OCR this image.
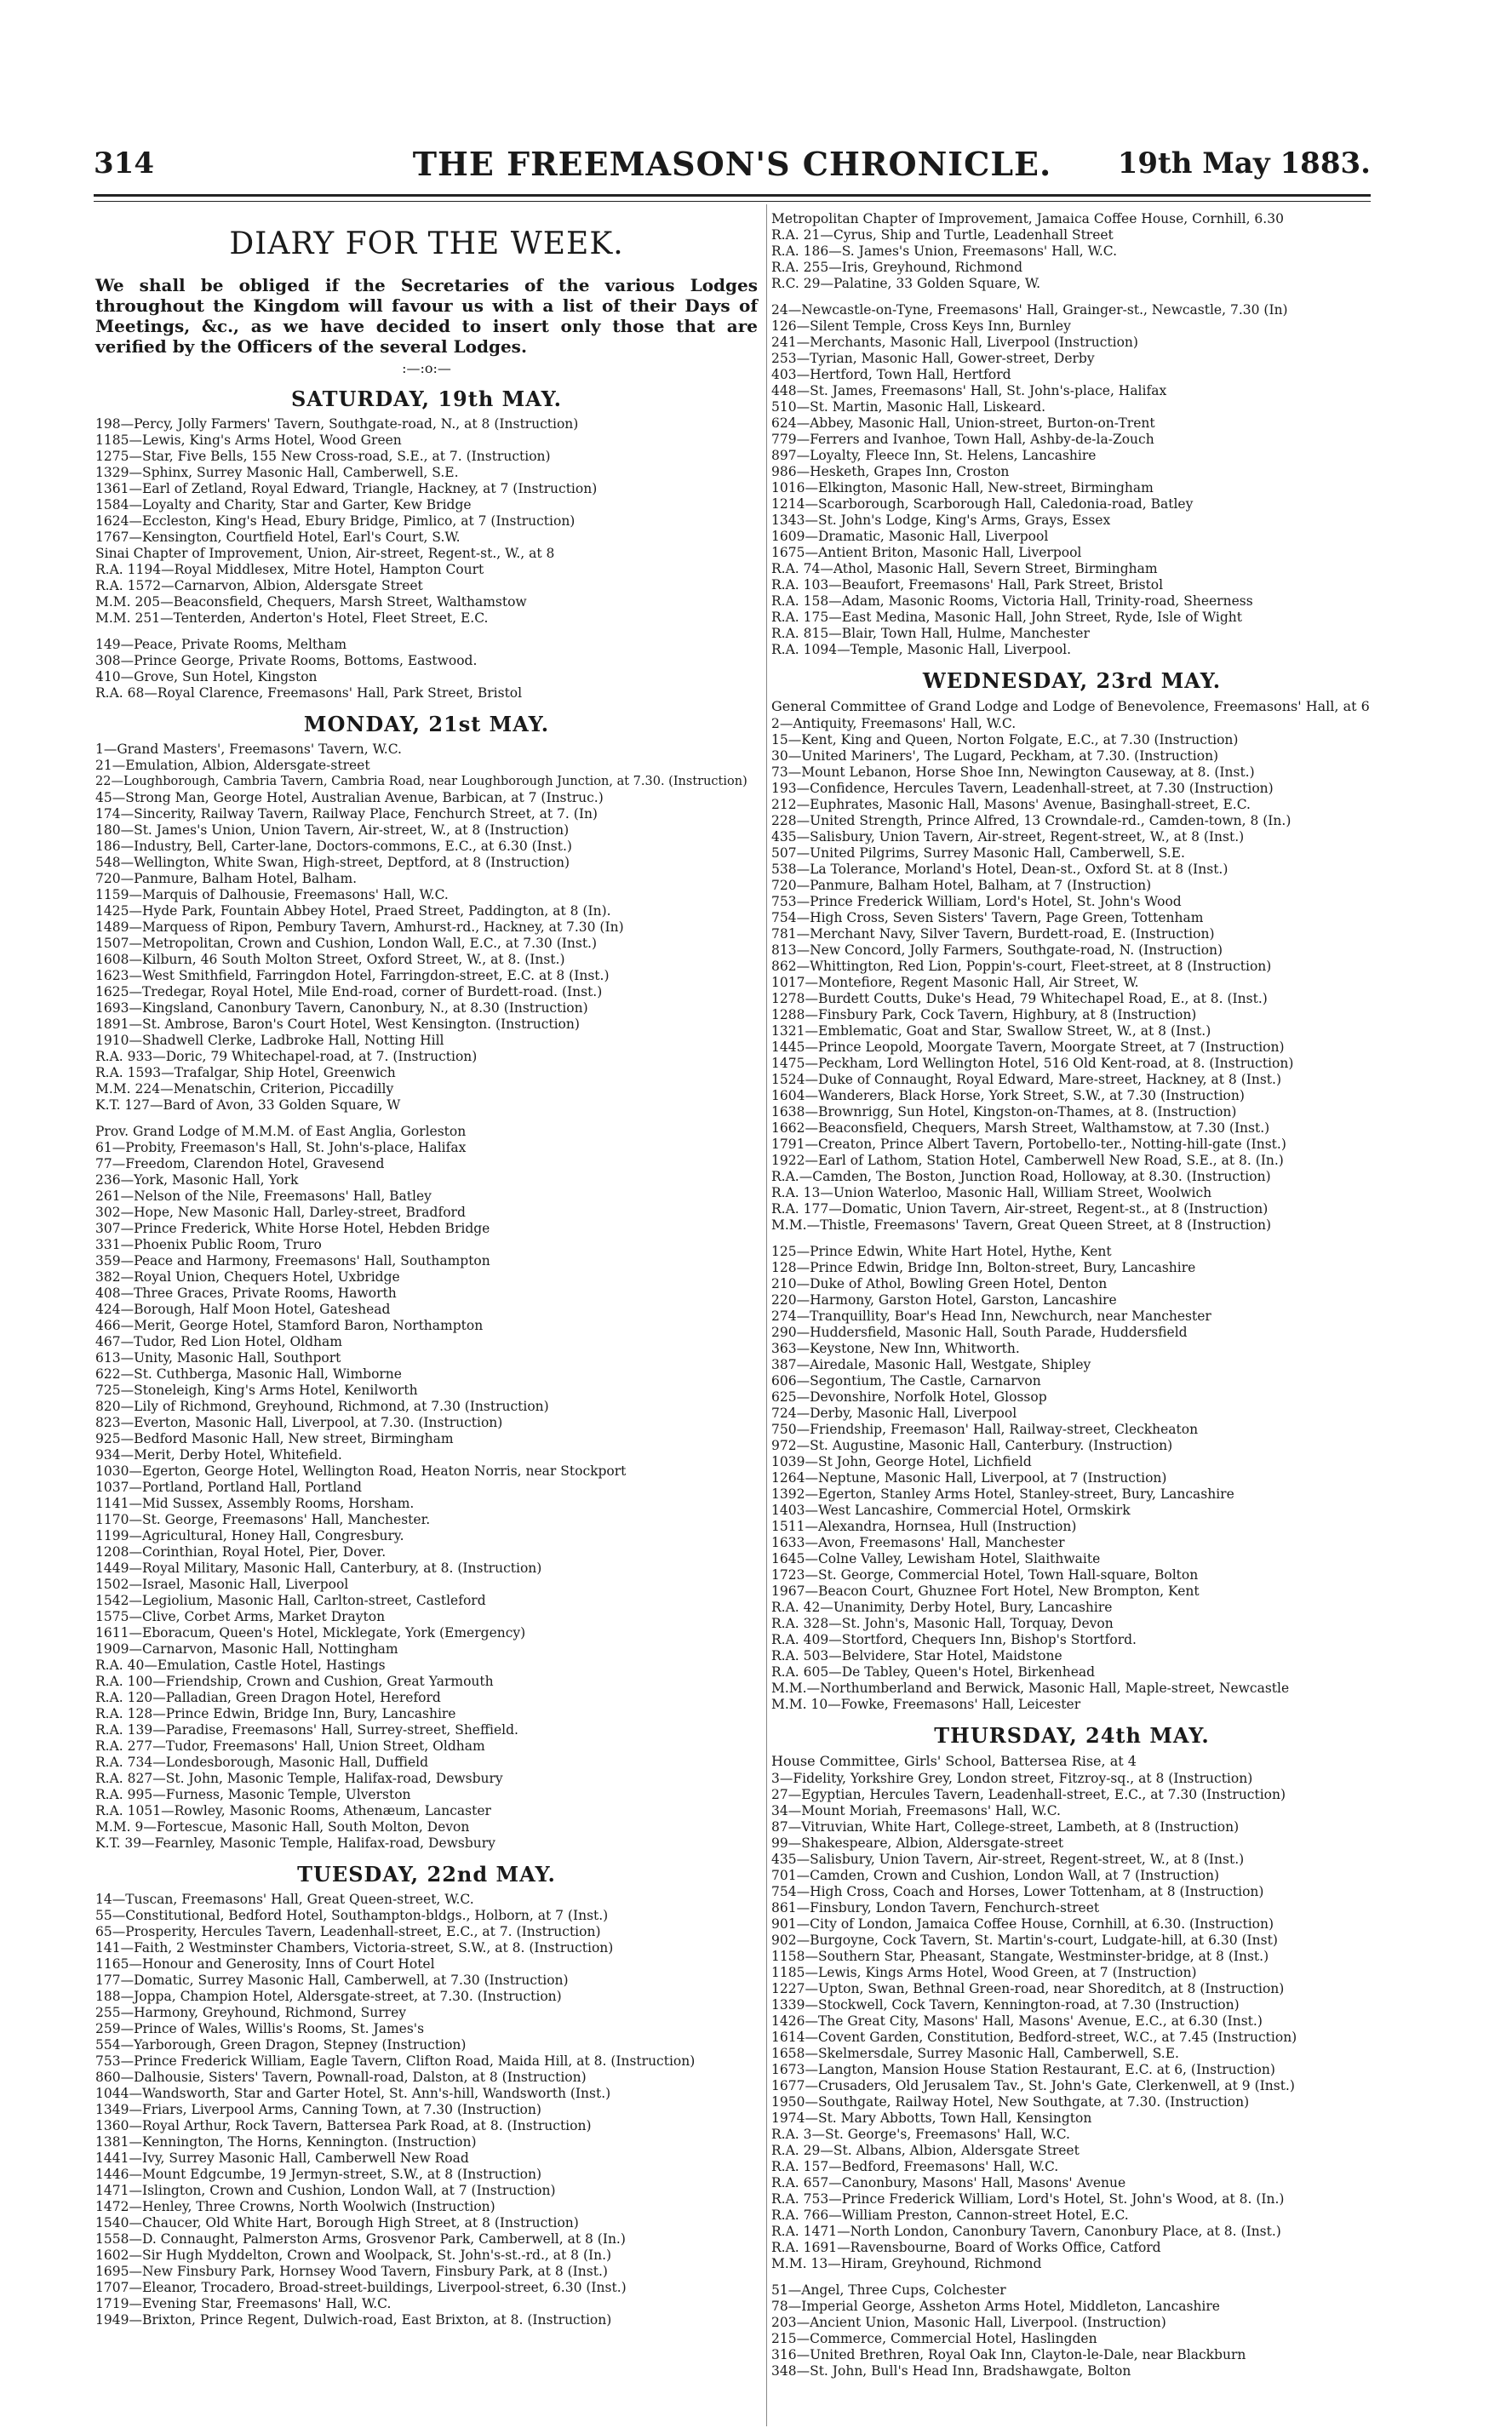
314	THE FREEMASON'S CHRONICLE.	19th May 1883.
DIARY FOR THE WEEK.

We shall be obliged if the Secretaries of the various Lodges throughout the Kingdom will favour us with a list of their Days of Meetings, &c., as we have decided to insert only those that are verified by the Officers of the several Lodges.

:—:o:—
SATURDAY, 19th MAY.
198—Percy, Jolly Farmers' Tavern, Southgate-road, N., at 8 (Instruction)
1185—Lewis, King's Arms Hotel, Wood Green
1275—Star, Five Bells, 155 New Cross-road, S.E., at 7. (Instruction)
1329—Sphinx, Surrey Masonic Hall, Camberwell, S.E.
1361—Earl of Zetland, Royal Edward, Triangle, Hackney, at 7 (Instruction)
1584—Loyalty and Charity, Star and Garter, Kew Bridge
1624—Eccleston, King's Head, Ebury Bridge, Pimlico, at 7 (Instruction)
1767—Kensington, Courtfield Hotel, Earl's Court, S.W.
Sinai Chapter of Improvement, Union, Air-street, Regent-st., W., at 8
R.A. 1194—Royal Middlesex, Mitre Hotel, Hampton Court
R.A. 1572—Carnarvon, Albion, Aldersgate Street
M.M. 205—Beaconsfield, Chequers, Marsh Street, Walthamstow
M.M. 251—Tenterden, Anderton's Hotel, Fleet Street, E.C.
149—Peace, Private Rooms, Meltham
308—Prince George, Private Rooms, Bottoms, Eastwood.
410—Grove, Sun Hotel, Kingston
R.A. 68—Royal Clarence, Freemasons' Hall, Park Street, Bristol
MONDAY, 21st MAY.
1—Grand Masters', Freemasons' Tavern, W.C.
21—Emulation, Albion, Aldersgate-street
22—Loughborough, Cambria Tavern, Cambria Road, near Loughborough Junction, at 7.30. (Instruction)
45—Strong Man, George Hotel, Australian Avenue, Barbican, at 7 (Instruc.)
174—Sincerity, Railway Tavern, Railway Place, Fenchurch Street, at 7. (In)
180—St. James's Union, Union Tavern, Air-street, W., at 8 (Instruction)
186—Industry, Bell, Carter-lane, Doctors-commons, E.C., at 6.30 (Inst.)
548—Wellington, White Swan, High-street, Deptford, at 8 (Instruction)
720—Panmure, Balham Hotel, Balham.
1159—Marquis of Dalhousie, Freemasons' Hall, W.C.
1425—Hyde Park, Fountain Abbey Hotel, Praed Street, Paddington, at 8 (In).
1489—Marquess of Ripon, Pembury Tavern, Amhurst-rd., Hackney, at 7.30 (In)
1507—Metropolitan, Crown and Cushion, London Wall, E.C., at 7.30 (Inst.)
1608—Kilburn, 46 South Molton Street, Oxford Street, W., at 8. (Inst.)
1623—West Smithfield, Farringdon Hotel, Farringdon-street, E.C. at 8 (Inst.)
1625—Tredegar, Royal Hotel, Mile End-road, corner of Burdett-road. (Inst.)
1693—Kingsland, Canonbury Tavern, Canonbury, N., at 8.30 (Instruction)
1891—St. Ambrose, Baron's Court Hotel, West Kensington. (Instruction)
1910—Shadwell Clerke, Ladbroke Hall, Notting Hill
R.A. 933—Doric, 79 Whitechapel-road, at 7. (Instruction)
R.A. 1593—Trafalgar, Ship Hotel, Greenwich
M.M. 224—Menatschin, Criterion, Piccadilly
K.T. 127—Bard of Avon, 33 Golden Square, W
Prov. Grand Lodge of M.M.M. of East Anglia, Gorleston
61—Probity, Freemason's Hall, St. John's-place, Halifax
77—Freedom, Clarendon Hotel, Gravesend
236—York, Masonic Hall, York
261—Nelson of the Nile, Freemasons' Hall, Batley
302—Hope, New Masonic Hall, Darley-street, Bradford
307—Prince Frederick, White Horse Hotel, Hebden Bridge
331—Phoenix Public Room, Truro
359—Peace and Harmony, Freemasons' Hall, Southampton
382—Royal Union, Chequers Hotel, Uxbridge
408—Three Graces, Private Rooms, Haworth
424—Borough, Half Moon Hotel, Gateshead
466—Merit, George Hotel, Stamford Baron, Northampton
467—Tudor, Red Lion Hotel, Oldham
613—Unity, Masonic Hall, Southport
622—St. Cuthberga, Masonic Hall, Wimborne
725—Stoneleigh, King's Arms Hotel, Kenilworth
820—Lily of Richmond, Greyhound, Richmond, at 7.30 (Instruction)
823—Everton, Masonic Hall, Liverpool, at 7.30. (Instruction)
925—Bedford Masonic Hall, New street, Birmingham
934—Merit, Derby Hotel, Whitefield.
1030—Egerton, George Hotel, Wellington Road, Heaton Norris, near Stockport
1037—Portland, Portland Hall, Portland
1141—Mid Sussex, Assembly Rooms, Horsham.
1170—St. George, Freemasons' Hall, Manchester.
1199—Agricultural, Honey Hall, Congresbury.
1208—Corinthian, Royal Hotel, Pier, Dover.
1449—Royal Military, Masonic Hall, Canterbury, at 8. (Instruction)
1502—Israel, Masonic Hall, Liverpool
1542—Legiolium, Masonic Hall, Carlton-street, Castleford
1575—Clive, Corbet Arms, Market Drayton
1611—Eboracum, Queen's Hotel, Micklegate, York (Emergency)
1909—Carnarvon, Masonic Hall, Nottingham
R.A. 40—Emulation, Castle Hotel, Hastings
R.A. 100—Friendship, Crown and Cushion, Great Yarmouth
R.A. 120—Palladian, Green Dragon Hotel, Hereford
R.A. 128—Prince Edwin, Bridge Inn, Bury, Lancashire
R.A. 139—Paradise, Freemasons' Hall, Surrey-street, Sheffield.
R.A. 277—Tudor, Freemasons' Hall, Union Street, Oldham
R.A. 734—Londesborough, Masonic Hall, Duffield
R.A. 827—St. John, Masonic Temple, Halifax-road, Dewsbury
R.A. 995—Furness, Masonic Temple, Ulverston
R.A. 1051—Rowley, Masonic Rooms, Athenæum, Lancaster
M.M. 9—Fortescue, Masonic Hall, South Molton, Devon
K.T. 39—Fearnley, Masonic Temple, Halifax-road, Dewsbury
TUESDAY, 22nd MAY.
14—Tuscan, Freemasons' Hall, Great Queen-street, W.C.
55—Constitutional, Bedford Hotel, Southampton-bldgs., Holborn, at 7 (Inst.)
65—Prosperity, Hercules Tavern, Leadenhall-street, E.C., at 7. (Instruction)
141—Faith, 2 Westminster Chambers, Victoria-street, S.W., at 8. (Instruction)
1165—Honour and Generosity, Inns of Court Hotel
177—Domatic, Surrey Masonic Hall, Camberwell, at 7.30 (Instruction)
188—Joppa, Champion Hotel, Aldersgate-street, at 7.30. (Instruction)
255—Harmony, Greyhound, Richmond, Surrey
259—Prince of Wales, Willis's Rooms, St. James's
554—Yarborough, Green Dragon, Stepney (Instruction)
753—Prince Frederick William, Eagle Tavern, Clifton Road, Maida Hill, at 8. (Instruction)
860—Dalhousie, Sisters' Tavern, Pownall-road, Dalston, at 8 (Instruction)
1044—Wandsworth, Star and Garter Hotel, St. Ann's-hill, Wandsworth (Inst.)
1349—Friars, Liverpool Arms, Canning Town, at 7.30 (Instruction)
1360—Royal Arthur, Rock Tavern, Battersea Park Road, at 8. (Instruction)
1381—Kennington, The Horns, Kennington. (Instruction)
1441—Ivy, Surrey Masonic Hall, Camberwell New Road
1446—Mount Edgcumbe, 19 Jermyn-street, S.W., at 8 (Instruction)
1471—Islington, Crown and Cushion, London Wall, at 7 (Instruction)
1472—Henley, Three Crowns, North Woolwich (Instruction)
1540—Chaucer, Old White Hart, Borough High Street, at 8 (Instruction)
1558—D. Connaught, Palmerston Arms, Grosvenor Park, Camberwell, at 8 (In.)
1602—Sir Hugh Myddelton, Crown and Woolpack, St. John's-st.-rd., at 8 (In.)
1695—New Finsbury Park, Hornsey Wood Tavern, Finsbury Park, at 8 (Inst.)
1707—Eleanor, Trocadero, Broad-street-buildings, Liverpool-street, 6.30 (Inst.)
1719—Evening Star, Freemasons' Hall, W.C.
1949—Brixton, Prince Regent, Dulwich-road, East Brixton, at 8. (Instruction)
Metropolitan Chapter of Improvement, Jamaica Coffee House, Cornhill, 6.30
R.A. 21—Cyrus, Ship and Turtle, Leadenhall Street
R.A. 186—S. James's Union, Freemasons' Hall, W.C.
R.A. 255—Iris, Greyhound, Richmond
R.C. 29—Palatine, 33 Golden Square, W.
24—Newcastle-on-Tyne, Freemasons' Hall, Grainger-st., Newcastle, 7.30 (In)
126—Silent Temple, Cross Keys Inn, Burnley
241—Merchants, Masonic Hall, Liverpool (Instruction)
253—Tyrian, Masonic Hall, Gower-street, Derby
403—Hertford, Town Hall, Hertford
448—St. James, Freemasons' Hall, St. John's-place, Halifax
510—St. Martin, Masonic Hall, Liskeard.
624—Abbey, Masonic Hall, Union-street, Burton-on-Trent
779—Ferrers and Ivanhoe, Town Hall, Ashby-de-la-Zouch
897—Loyalty, Fleece Inn, St. Helens, Lancashire
986—Hesketh, Grapes Inn, Croston
1016—Elkington, Masonic Hall, New-street, Birmingham
1214—Scarborough, Scarborough Hall, Caledonia-road, Batley
1343—St. John's Lodge, King's Arms, Grays, Essex
1609—Dramatic, Masonic Hall, Liverpool
1675—Antient Briton, Masonic Hall, Liverpool
R.A. 74—Athol, Masonic Hall, Severn Street, Birmingham
R.A. 103—Beaufort, Freemasons' Hall, Park Street, Bristol
R.A. 158—Adam, Masonic Rooms, Victoria Hall, Trinity-road, Sheerness
R.A. 175—East Medina, Masonic Hall, John Street, Ryde, Isle of Wight
R.A. 815—Blair, Town Hall, Hulme, Manchester
R.A. 1094—Temple, Masonic Hall, Liverpool.
WEDNESDAY, 23rd MAY.
General Committee of Grand Lodge and Lodge of Benevolence, Freemasons' Hall, at 6
2—Antiquity, Freemasons' Hall, W.C.
15—Kent, King and Queen, Norton Folgate, E.C., at 7.30 (Instruction)
30—United Mariners', The Lugard, Peckham, at 7.30. (Instruction)
73—Mount Lebanon, Horse Shoe Inn, Newington Causeway, at 8. (Inst.)
193—Confidence, Hercules Tavern, Leadenhall-street, at 7.30 (Instruction)
212—Euphrates, Masonic Hall, Masons' Avenue, Basinghall-street, E.C.
228—United Strength, Prince Alfred, 13 Crowndale-rd., Camden-town, 8 (In.)
435—Salisbury, Union Tavern, Air-street, Regent-street, W., at 8 (Inst.)
507—United Pilgrims, Surrey Masonic Hall, Camberwell, S.E.
538—La Tolerance, Morland's Hotel, Dean-st., Oxford St. at 8 (Inst.)
720—Panmure, Balham Hotel, Balham, at 7 (Instruction)
753—Prince Frederick William, Lord's Hotel, St. John's Wood
754—High Cross, Seven Sisters' Tavern, Page Green, Tottenham
781—Merchant Navy, Silver Tavern, Burdett-road, E. (Instruction)
813—New Concord, Jolly Farmers, Southgate-road, N. (Instruction)
862—Whittington, Red Lion, Poppin's-court, Fleet-street, at 8 (Instruction)
1017—Montefiore, Regent Masonic Hall, Air Street, W.
1278—Burdett Coutts, Duke's Head, 79 Whitechapel Road, E., at 8. (Inst.)
1288—Finsbury Park, Cock Tavern, Highbury, at 8 (Instruction)
1321—Emblematic, Goat and Star, Swallow Street, W., at 8 (Inst.)
1445—Prince Leopold, Moorgate Tavern, Moorgate Street, at 7 (Instruction)
1475—Peckham, Lord Wellington Hotel, 516 Old Kent-road, at 8. (Instruction)
1524—Duke of Connaught, Royal Edward, Mare-street, Hackney, at 8 (Inst.)
1604—Wanderers, Black Horse, York Street, S.W., at 7.30 (Instruction)
1638—Brownrigg, Sun Hotel, Kingston-on-Thames, at 8. (Instruction)
1662—Beaconsfield, Chequers, Marsh Street, Walthamstow, at 7.30 (Inst.)
1791—Creaton, Prince Albert Tavern, Portobello-ter., Notting-hill-gate (Inst.)
1922—Earl of Lathom, Station Hotel, Camberwell New Road, S.E., at 8. (In.)
R.A.—Camden, The Boston, Junction Road, Holloway, at 8.30. (Instruction)
R.A. 13—Union Waterloo, Masonic Hall, William Street, Woolwich
R.A. 177—Domatic, Union Tavern, Air-street, Regent-st., at 8 (Instruction)
M.M.—Thistle, Freemasons' Tavern, Great Queen Street, at 8 (Instruction)
125—Prince Edwin, White Hart Hotel, Hythe, Kent
128—Prince Edwin, Bridge Inn, Bolton-street, Bury, Lancashire
210—Duke of Athol, Bowling Green Hotel, Denton
220—Harmony, Garston Hotel, Garston, Lancashire
274—Tranquillity, Boar's Head Inn, Newchurch, near Manchester
290—Huddersfield, Masonic Hall, South Parade, Huddersfield
363—Keystone, New Inn, Whitworth.
387—Airedale, Masonic Hall, Westgate, Shipley
606—Segontium, The Castle, Carnarvon
625—Devonshire, Norfolk Hotel, Glossop
724—Derby, Masonic Hall, Liverpool
750—Friendship, Freemason' Hall, Railway-street, Cleckheaton
972—St. Augustine, Masonic Hall, Canterbury. (Instruction)
1039—St John, George Hotel, Lichfield
1264—Neptune, Masonic Hall, Liverpool, at 7 (Instruction)
1392—Egerton, Stanley Arms Hotel, Stanley-street, Bury, Lancashire
1403—West Lancashire, Commercial Hotel, Ormskirk
1511—Alexandra, Hornsea, Hull (Instruction)
1633—Avon, Freemasons' Hall, Manchester
1645—Colne Valley, Lewisham Hotel, Slaithwaite
1723—St. George, Commercial Hotel, Town Hall-square, Bolton
1967—Beacon Court, Ghuznee Fort Hotel, New Brompton, Kent
R.A. 42—Unanimity, Derby Hotel, Bury, Lancashire
R.A. 328—St. John's, Masonic Hall, Torquay, Devon
R.A. 409—Stortford, Chequers Inn, Bishop's Stortford.
R.A. 503—Belvidere, Star Hotel, Maidstone
R.A. 605—De Tabley, Queen's Hotel, Birkenhead
M.M.—Northumberland and Berwick, Masonic Hall, Maple-street, Newcastle
M.M. 10—Fowke, Freemasons' Hall, Leicester
THURSDAY, 24th MAY.
House Committee, Girls' School, Battersea Rise, at 4
3—Fidelity, Yorkshire Grey, London street, Fitzroy-sq., at 8 (Instruction)
27—Egyptian, Hercules Tavern, Leadenhall-street, E.C., at 7.30 (Instruction)
34—Mount Moriah, Freemasons' Hall, W.C.
87—Vitruvian, White Hart, College-street, Lambeth, at 8 (Instruction)
99—Shakespeare, Albion, Aldersgate-street
435—Salisbury, Union Tavern, Air-street, Regent-street, W., at 8 (Inst.)
701—Camden, Crown and Cushion, London Wall, at 7 (Instruction)
754—High Cross, Coach and Horses, Lower Tottenham, at 8 (Instruction)
861—Finsbury, London Tavern, Fenchurch-street
901—City of London, Jamaica Coffee House, Cornhill, at 6.30. (Instruction)
902—Burgoyne, Cock Tavern, St. Martin's-court, Ludgate-hill, at 6.30 (Inst)
1158—Southern Star, Pheasant, Stangate, Westminster-bridge, at 8 (Inst.)
1185—Lewis, Kings Arms Hotel, Wood Green, at 7 (Instruction)
1227—Upton, Swan, Bethnal Green-road, near Shoreditch, at 8 (Instruction)
1339—Stockwell, Cock Tavern, Kennington-road, at 7.30 (Instruction)
1426—The Great City, Masons' Hall, Masons' Avenue, E.C., at 6.30 (Inst.)
1614—Covent Garden, Constitution, Bedford-street, W.C., at 7.45 (Instruction)
1658—Skelmersdale, Surrey Masonic Hall, Camberwell, S.E.
1673—Langton, Mansion House Station Restaurant, E.C. at 6, (Instruction)
1677—Crusaders, Old Jerusalem Tav., St. John's Gate, Clerkenwell, at 9 (Inst.)
1950—Southgate, Railway Hotel, New Southgate, at 7.30. (Instruction)
1974—St. Mary Abbotts, Town Hall, Kensington
R.A. 3—St. George's, Freemasons' Hall, W.C.
R.A. 29—St. Albans, Albion, Aldersgate Street
R.A. 157—Bedford, Freemasons' Hall, W.C.
R.A. 657—Canonbury, Masons' Hall, Masons' Avenue
R.A. 753—Prince Frederick William, Lord's Hotel, St. John's Wood, at 8. (In.)
R.A. 766—William Preston, Cannon-street Hotel, E.C.
R.A. 1471—North London, Canonbury Tavern, Canonbury Place, at 8. (Inst.)
R.A. 1691—Ravensbourne, Board of Works Office, Catford
M.M. 13—Hiram, Greyhound, Richmond
51—Angel, Three Cups, Colchester
78—Imperial George, Assheton Arms Hotel, Middleton, Lancashire
203—Ancient Union, Masonic Hall, Liverpool. (Instruction)
215—Commerce, Commercial Hotel, Haslingden
316—United Brethren, Royal Oak Inn, Clayton-le-Dale, near Blackburn
348—St. John, Bull's Head Inn, Bradshawgate, Bolton
